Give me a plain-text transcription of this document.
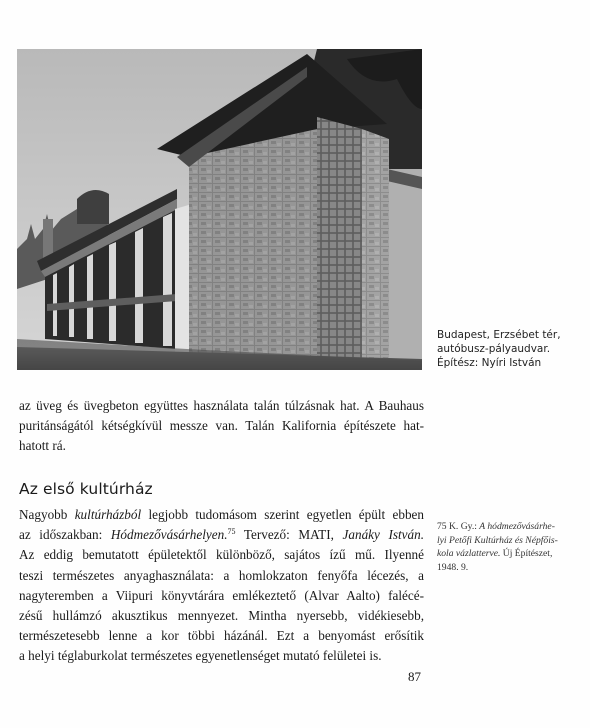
Budapest, Erzsébet tér,
autóbusz-pályaudvar.
Építész: Nyíri István
az üveg és üvegbeton együttes használata talán túlzásnak hat. A Bauhaus
puritánságától kétségkívül messze van. Talán Kalifornia építészete hat-
hatott rá.
Az első kultúrház
Nagyobb kultúrházból legjobb tudomásom szerint egyetlen épült ebben
az időszakban: Hódmezővásárhelyen.$^{75}$ Tervező: MATI, Janáky István.
Az eddig bemutatott épületektől különböző, sajátos ízű mű. Ilyenné
teszi természetes anyaghasználata: a homlokzaton fenyőfa lécezés, a
nagyteremben a Viipuri könyvtárára emlékeztető (Alvar Aalto) falécé-
zésű hullámzó akusztikus mennyezet. Mintha nyersebb, vidékiesebb,
természetesebb lenne a kor többi házánál. Ezt a benyomást erősítik
a helyi téglaburkolat természetes egyenetlenséget mutató felületei is.
75 K. Gy.: A hódmezővásárhe-
lyi Petőfi Kultúrház és Népfőis-
kola vázlatterve. Új Építészet,
1948. 9.
87
